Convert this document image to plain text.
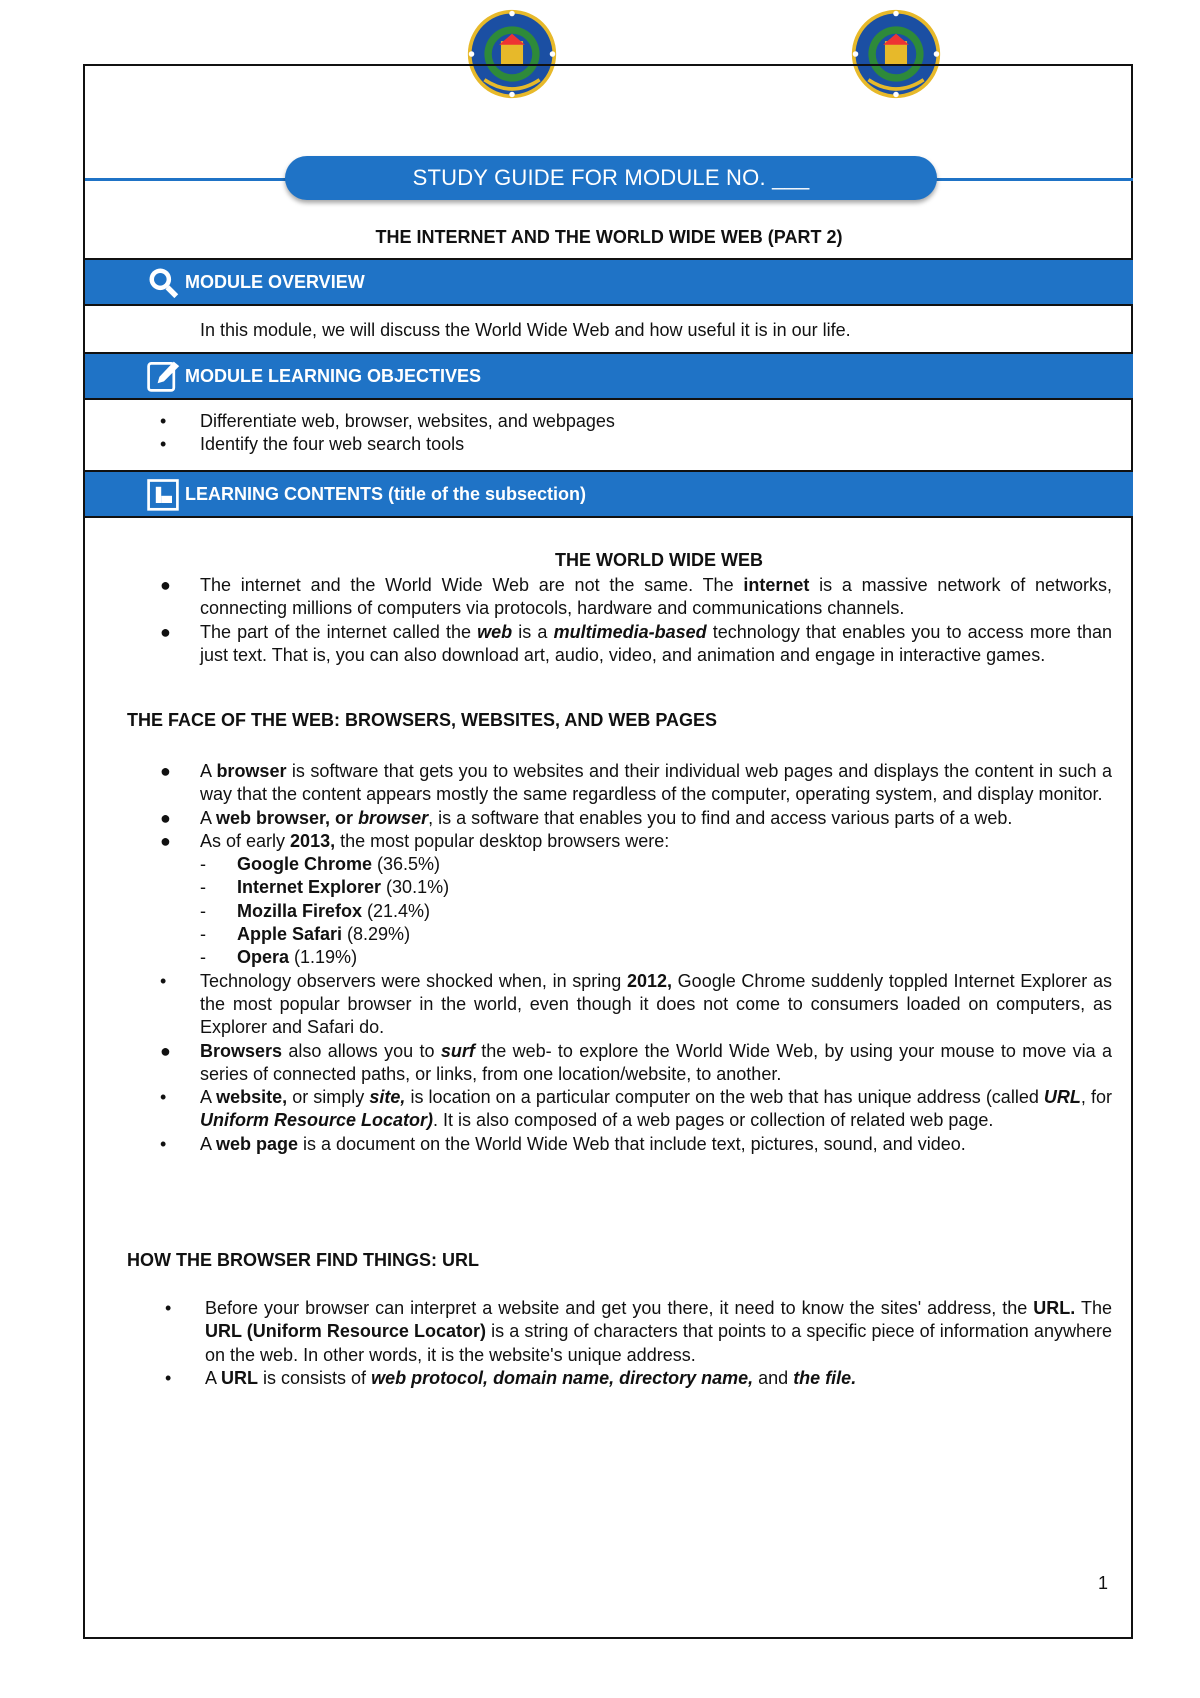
STUDY GUIDE FOR MODULE NO. ___
THE INTERNET AND THE WORLD WIDE WEB (PART 2)
MODULE OVERVIEW
In this module, we will discuss the World Wide Web and how useful it is in our life.
MODULE LEARNING OBJECTIVES
• Differentiate web, browser, websites, and webpages
• Identify the four web search tools
LEARNING CONTENTS (title of the subsection)
THE WORLD WIDE WEB
● The internet and the World Wide Web are not the same. The internet is a massive network of networks, connecting millions of computers via protocols, hardware and communications channels.
● The part of the internet called the web is a multimedia-based technology that enables you to access more than just text. That is, you can also download art, audio, video, and animation and engage in interactive games.
THE FACE OF THE WEB: BROWSERS, WEBSITES, AND WEB PAGES
● A browser is software that gets you to websites and their individual web pages and displays the content in such a way that the content appears mostly the same regardless of the computer, operating system, and display monitor.
● A web browser, or browser, is a software that enables you to find and access various parts of a web.
● As of early 2013, the most popular desktop browsers were:
- Google Chrome (36.5%)
- Internet Explorer (30.1%)
- Mozilla Firefox (21.4%)
- Apple Safari (8.29%)
- Opera (1.19%)
• Technology observers were shocked when, in spring 2012, Google Chrome suddenly toppled Internet Explorer as the most popular browser in the world, even though it does not come to consumers loaded on computers, as Explorer and Safari do.
● Browsers also allows you to surf the web- to explore the World Wide Web, by using your mouse to move via a series of connected paths, or links, from one location/website, to another.
• A website, or simply site, is location on a particular computer on the web that has unique address (called URL, for Uniform Resource Locator). It is also composed of a web pages or collection of related web page.
• A web page is a document on the World Wide Web that include text, pictures, sound, and video.
HOW THE BROWSER FIND THINGS: URL
• Before your browser can interpret a website and get you there, it need to know the sites' address, the URL. The URL (Uniform Resource Locator) is a string of characters that points to a specific piece of information anywhere on the web. In other words, it is the website's unique address.
• A URL is consists of web protocol, domain name, directory name, and the file.
1
